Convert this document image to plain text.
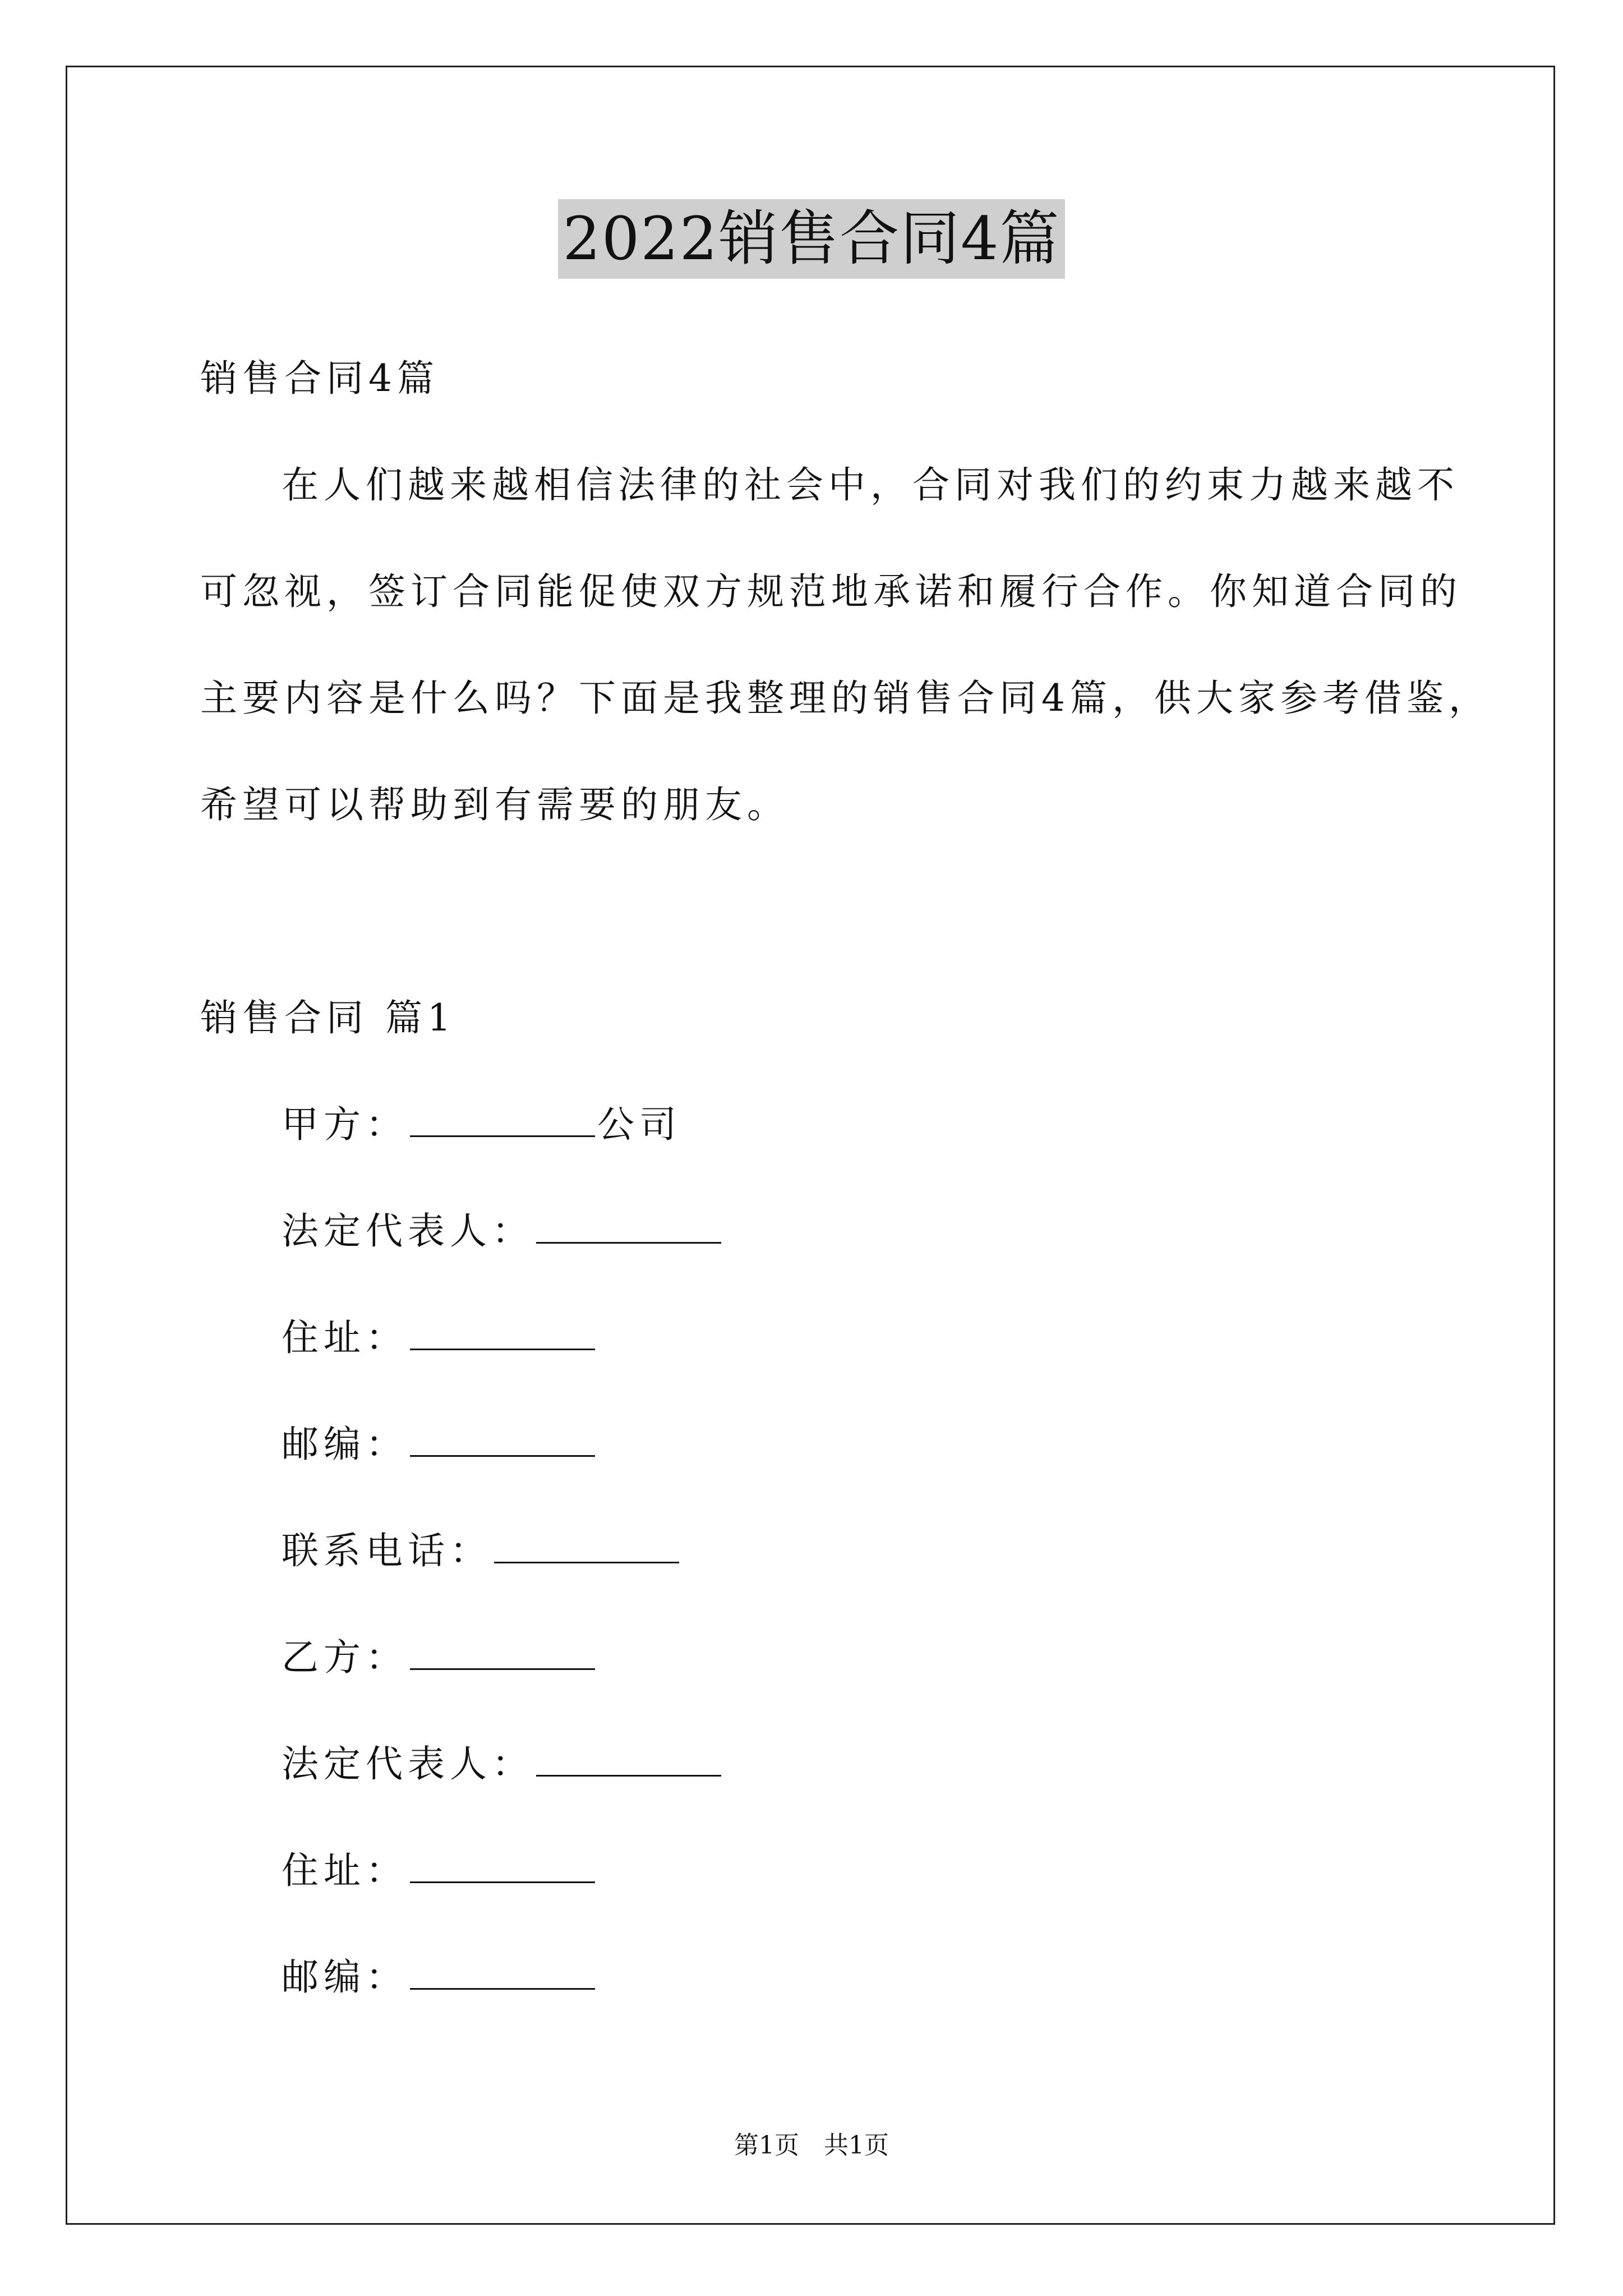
2022销售合同4篇
销售合同4篇
在人们越来越相信法律的社会中，合同对我们的约束力越来越不
可忽视，签订合同能促使双方规范地承诺和履行合作。你知道合同的
主要内容是什么吗？下面是我整理的销售合同4篇，供大家参考借鉴，
希望可以帮助到有需要的朋友。
销售合同 篇1
甲方：	公司
法定代表人：
住址：
邮编：
联系电话：
乙方：
法定代表人：
住址：
邮编：
第1页　共1页
